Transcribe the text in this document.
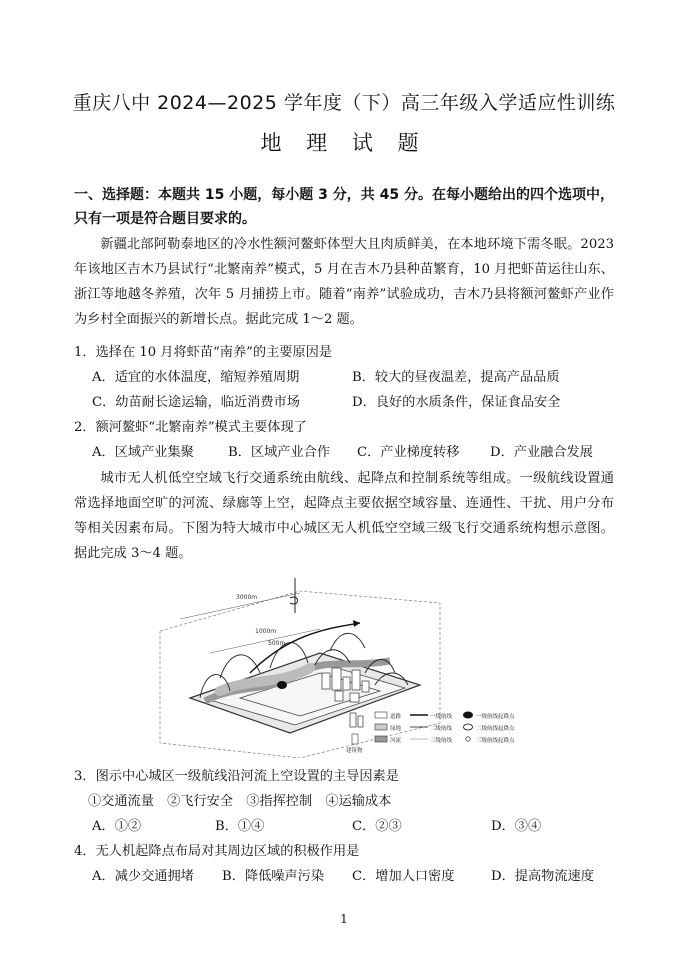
重庆八中 2024—2025 学年度（下）高三年级入学适应性训练
地 理 试 题
一、选择题：本题共 15 小题，每小题 3 分，共 45 分。在每小题给出的四个选项中，只有一项是符合题目要求的。

新疆北部阿勒泰地区的冷水性额河鳌虾体型大且肉质鲜美，在本地环境下需冬眠。2023 年该地区吉木乃县试行“北繁南养”模式，5 月在吉木乃县种苗繁育，10 月把虾苗运往山东、浙江等地越冬养殖，次年 5 月捕捞上市。随着“南养”试验成功，吉木乃县将额河鳌虾产业作为乡村全面振兴的新增长点。据此完成 1～2 题。

1．选择在 10 月将虾苗“南养”的主要原因是
A．适宜的水体温度，缩短养殖周期	B．较大的昼夜温差，提高产品品质
C．幼苗耐长途运输，临近消费市场	D．良好的水质条件，保证食品安全
2．额河鳌虾“北繁南养”模式主要体现了
A．区域产业集聚	B．区域产业合作 C．产业梯度转移 D．产业融合发展

城市无人机低空空域飞行交通系统由航线、起降点和控制系统等组成。一级航线设置通常选择地面空旷的河流、绿廊等上空，起降点主要依据空域容量、连通性、干扰、用户分布等相关因素布局。下图为特大城市中心城区无人机低空空域三级飞行交通系统构想示意图。据此完成 3～4 题。

3000m
1000m
500m
道路
绿地
河流
建筑物
一级航线
二级航线
三级航线
一级航线起降点
二级航线起降点
三级航线起降点
3．图示中心城区一级航线沿河流上空设置的主导因素是
①交通流量　②飞行安全　③指挥控制　④运输成本
A．①②	B．①④	C．②③	D．③④
4．无人机起降点布局对其周边区域的积极作用是
A．减少交通拥堵 B．降低噪声污染 C．增加人口密度	D．提高物流速度
1
